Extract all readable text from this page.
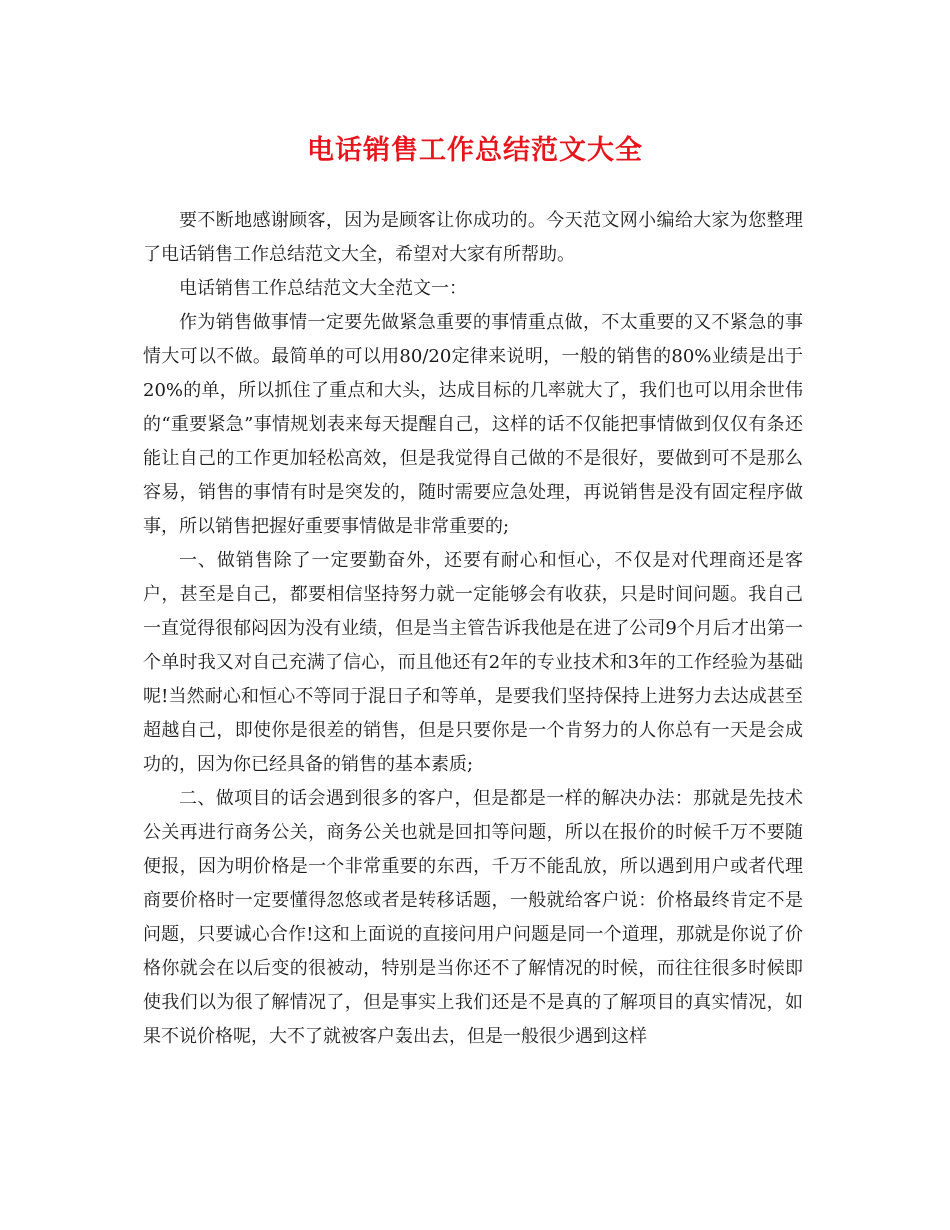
电话销售工作总结范文大全

要不断地感谢顾客，因为是顾客让你成功的。今天范文网小编给大家为您整理了电话销售工作总结范文大全，希望对大家有所帮助。

电话销售工作总结范文大全范文一：

作为销售做事情一定要先做紧急重要的事情重点做，不太重要的又不紧急的事情大可以不做。最简单的可以用80/20定律来说明，一般的销售的80%业绩是出于20%的单，所以抓住了重点和大头，达成目标的几率就大了，我们也可以用余世伟的“重要紧急”事情规划表来每天提醒自己，这样的话不仅能把事情做到仅仅有条还能让自己的工作更加轻松高效，但是我觉得自己做的不是很好，要做到可不是那么容易，销售的事情有时是突发的，随时需要应急处理，再说销售是没有固定程序做事，所以销售把握好重要事情做是非常重要的;

一、做销售除了一定要勤奋外，还要有耐心和恒心，不仅是对代理商还是客户，甚至是自己，都要相信坚持努力就一定能够会有收获，只是时间问题。我自己一直觉得很郁闷因为没有业绩，但是当主管告诉我他是在进了公司9个月后才出第一个单时我又对自己充满了信心，而且他还有2年的专业技术和3年的工作经验为基础呢!当然耐心和恒心不等同于混日子和等单，是要我们坚持保持上进努力去达成甚至超越自己，即使你是很差的销售，但是只要你是一个肯努力的人你总有一天是会成功的，因为你已经具备的销售的基本素质;

二、做项目的话会遇到很多的客户，但是都是一样的解决办法：那就是先技术公关再进行商务公关，商务公关也就是回扣等问题，所以在报价的时候千万不要随便报，因为明价格是一个非常重要的东西，千万不能乱放，所以遇到用户或者代理商要价格时一定要懂得忽悠或者是转移话题，一般就给客户说：价格最终肯定不是问题，只要诚心合作!这和上面说的直接问用户问题是同一个道理，那就是你说了价格你就会在以后变的很被动，特别是当你还不了解情况的时候，而往往很多时候即使我们以为很了解情况了，但是事实上我们还是不是真的了解项目的真实情况，如果不说价格呢，大不了就被客户轰出去，但是一般很少遇到这样
